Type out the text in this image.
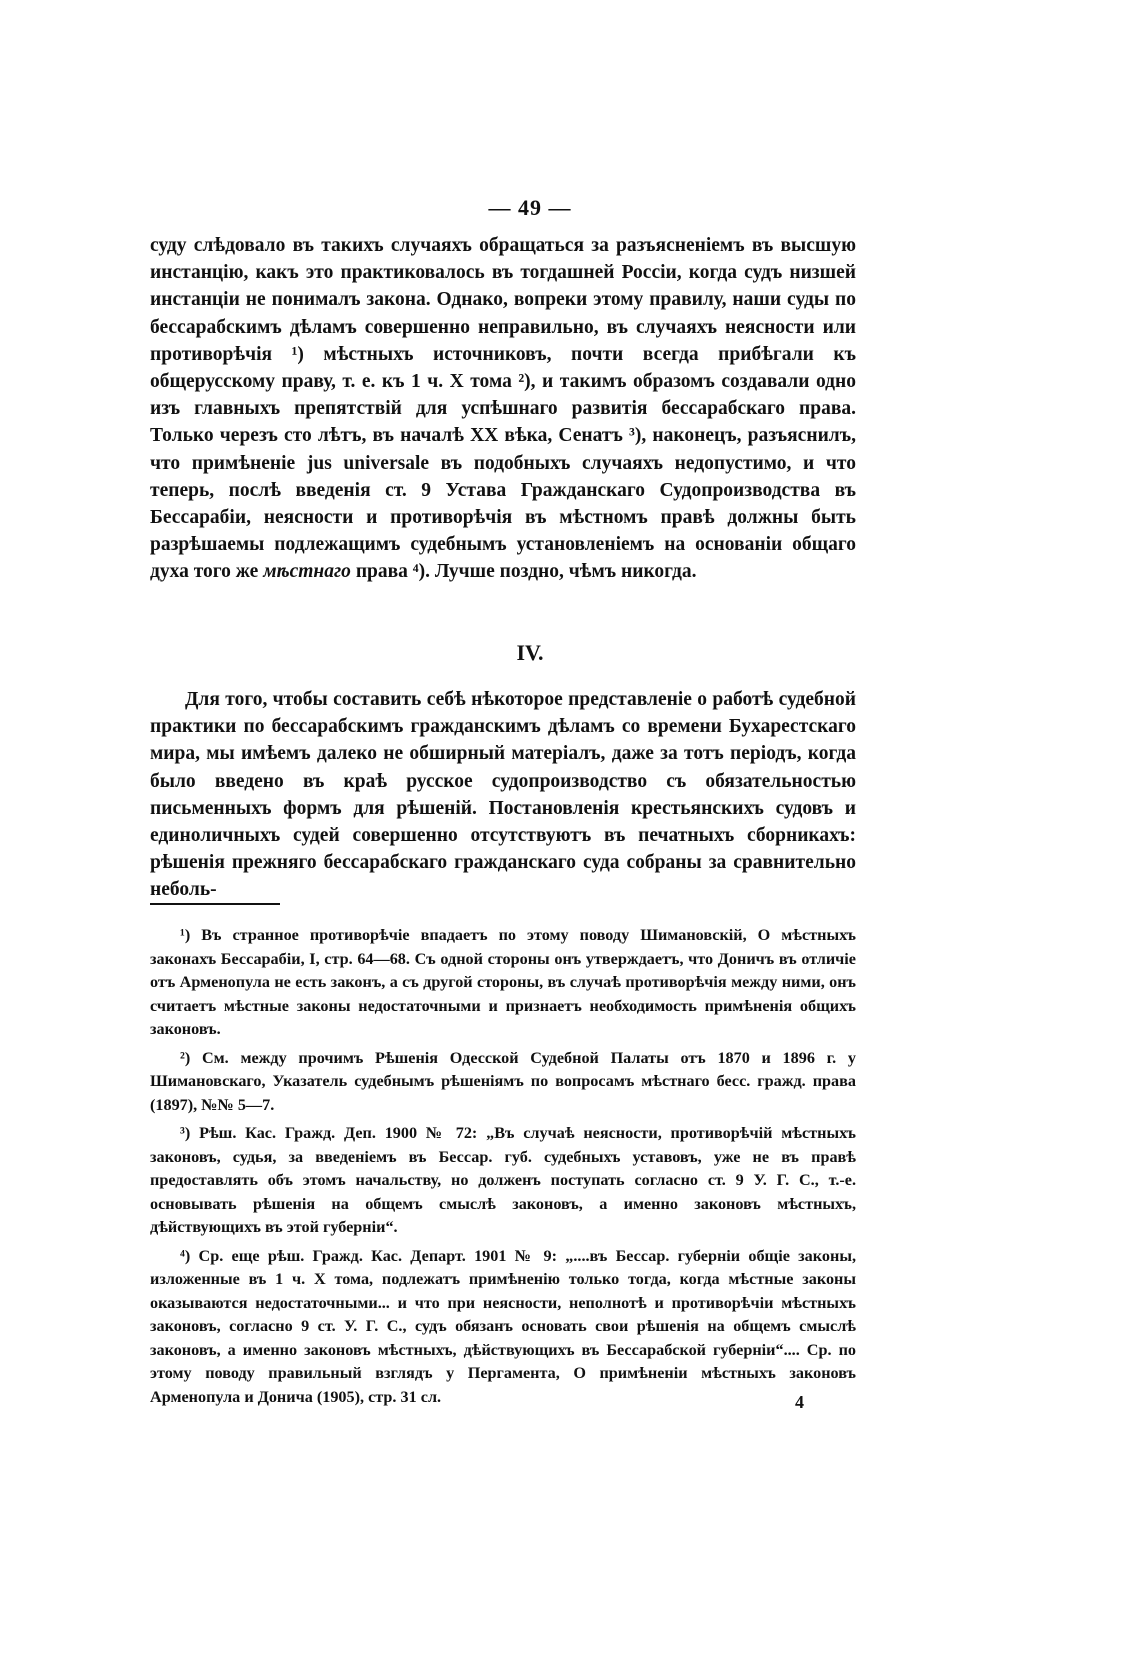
— 49 —

суду слѣдовало въ такихъ случаяхъ обращаться за разъясненіемъ въ высшую инстанцію, какъ это практиковалось въ тогдашней Россіи, когда судъ низшей инстанціи не понималъ закона. Однако, вопреки этому правилу, наши суды по бессарабскимъ дѣламъ совершенно неправильно, въ случаяхъ неясности или противорѣчія ¹) мѣстныхъ источниковъ, почти всегда прибѣгали къ общерусскому праву, т. е. къ 1 ч. X тома ²), и такимъ образомъ создавали одно изъ главныхъ препятствій для успѣшнаго развитія бессарабскаго права. Только черезъ сто лѣтъ, въ началѣ XX вѣка, Сенатъ ³), наконецъ, разъяснилъ, что примѣненіе jus universale въ подобныхъ случаяхъ недопустимо, и что теперь, послѣ введенія ст. 9 Устава Гражданскаго Судопроизводства въ Бессарабіи, неясности и противорѣчія въ мѣстномъ правѣ должны быть разрѣшаемы подлежащимъ судебнымъ установленіемъ на основаніи общаго духа того же мѣстнаго права ⁴). Лучше поздно, чѣмъ никогда.

IV.

Для того, чтобы составить себѣ нѣкоторое представленіе о работѣ судебной практики по бессарабскимъ гражданскимъ дѣламъ со времени Бухарестскаго мира, мы имѣемъ далеко не обширный матеріалъ, даже за тотъ періодъ, когда было введено въ краѣ русское судопроизводство съ обязательностью письменныхъ формъ для рѣшеній. Постановленія крестьянскихъ судовъ и единоличныхъ судей совершенно отсутствуютъ въ печатныхъ сборникахъ: рѣшенія прежняго бессарабскаго гражданскаго суда собраны за сравнительно неболь-

¹) Въ странное противорѣчіе впадаетъ по этому поводу Шимановскій, О мѣстныхъ законахъ Бессарабіи, I, стр. 64—68. Съ одной стороны онъ утверждаетъ, что Доничъ въ отличіе отъ Арменопула не есть законъ, а съ другой стороны, въ случаѣ противорѣчія между ними, онъ считаетъ мѣстные законы недостаточными и признаетъ необходимость примѣненія общихъ законовъ.

²) См. между прочимъ Рѣшенія Одесской Судебной Палаты отъ 1870 и 1896 г. у Шимановскаго, Указатель судебнымъ рѣшеніямъ по вопросамъ мѣстнаго бесс. гражд. права (1897), №№ 5—7.

³) Рѣш. Кас. Гражд. Деп. 1900 № 72: „Въ случаѣ неясности, противорѣчій мѣстныхъ законовъ, судья, за введеніемъ въ Бессар. губ. судебныхъ уставовъ, уже не въ правѣ предоставлять объ этомъ начальству, но долженъ поступать согласно ст. 9 У. Г. С., т.-е. основывать рѣшенія на общемъ смыслѣ законовъ, а именно законовъ мѣстныхъ, дѣйствующихъ въ этой губерніи“.

⁴) Ср. еще рѣш. Гражд. Кас. Департ. 1901 № 9: „....въ Бессар. губерніи общіе законы, изложенные въ 1 ч. X тома, подлежатъ примѣненію только тогда, когда мѣстные законы оказываются недостаточными... и что при неясности, неполнотѣ и противорѣчіи мѣстныхъ законовъ, согласно 9 ст. У. Г. С., судъ обязанъ основать свои рѣшенія на общемъ смыслѣ законовъ, а именно законовъ мѣстныхъ, дѣйствующихъ въ Бессарабской губерніи“.... Ср. по этому поводу правильный взглядъ у Пергамента, О примѣненіи мѣстныхъ законовъ Арменопула и Донича (1905), стр. 31 сл.	4
